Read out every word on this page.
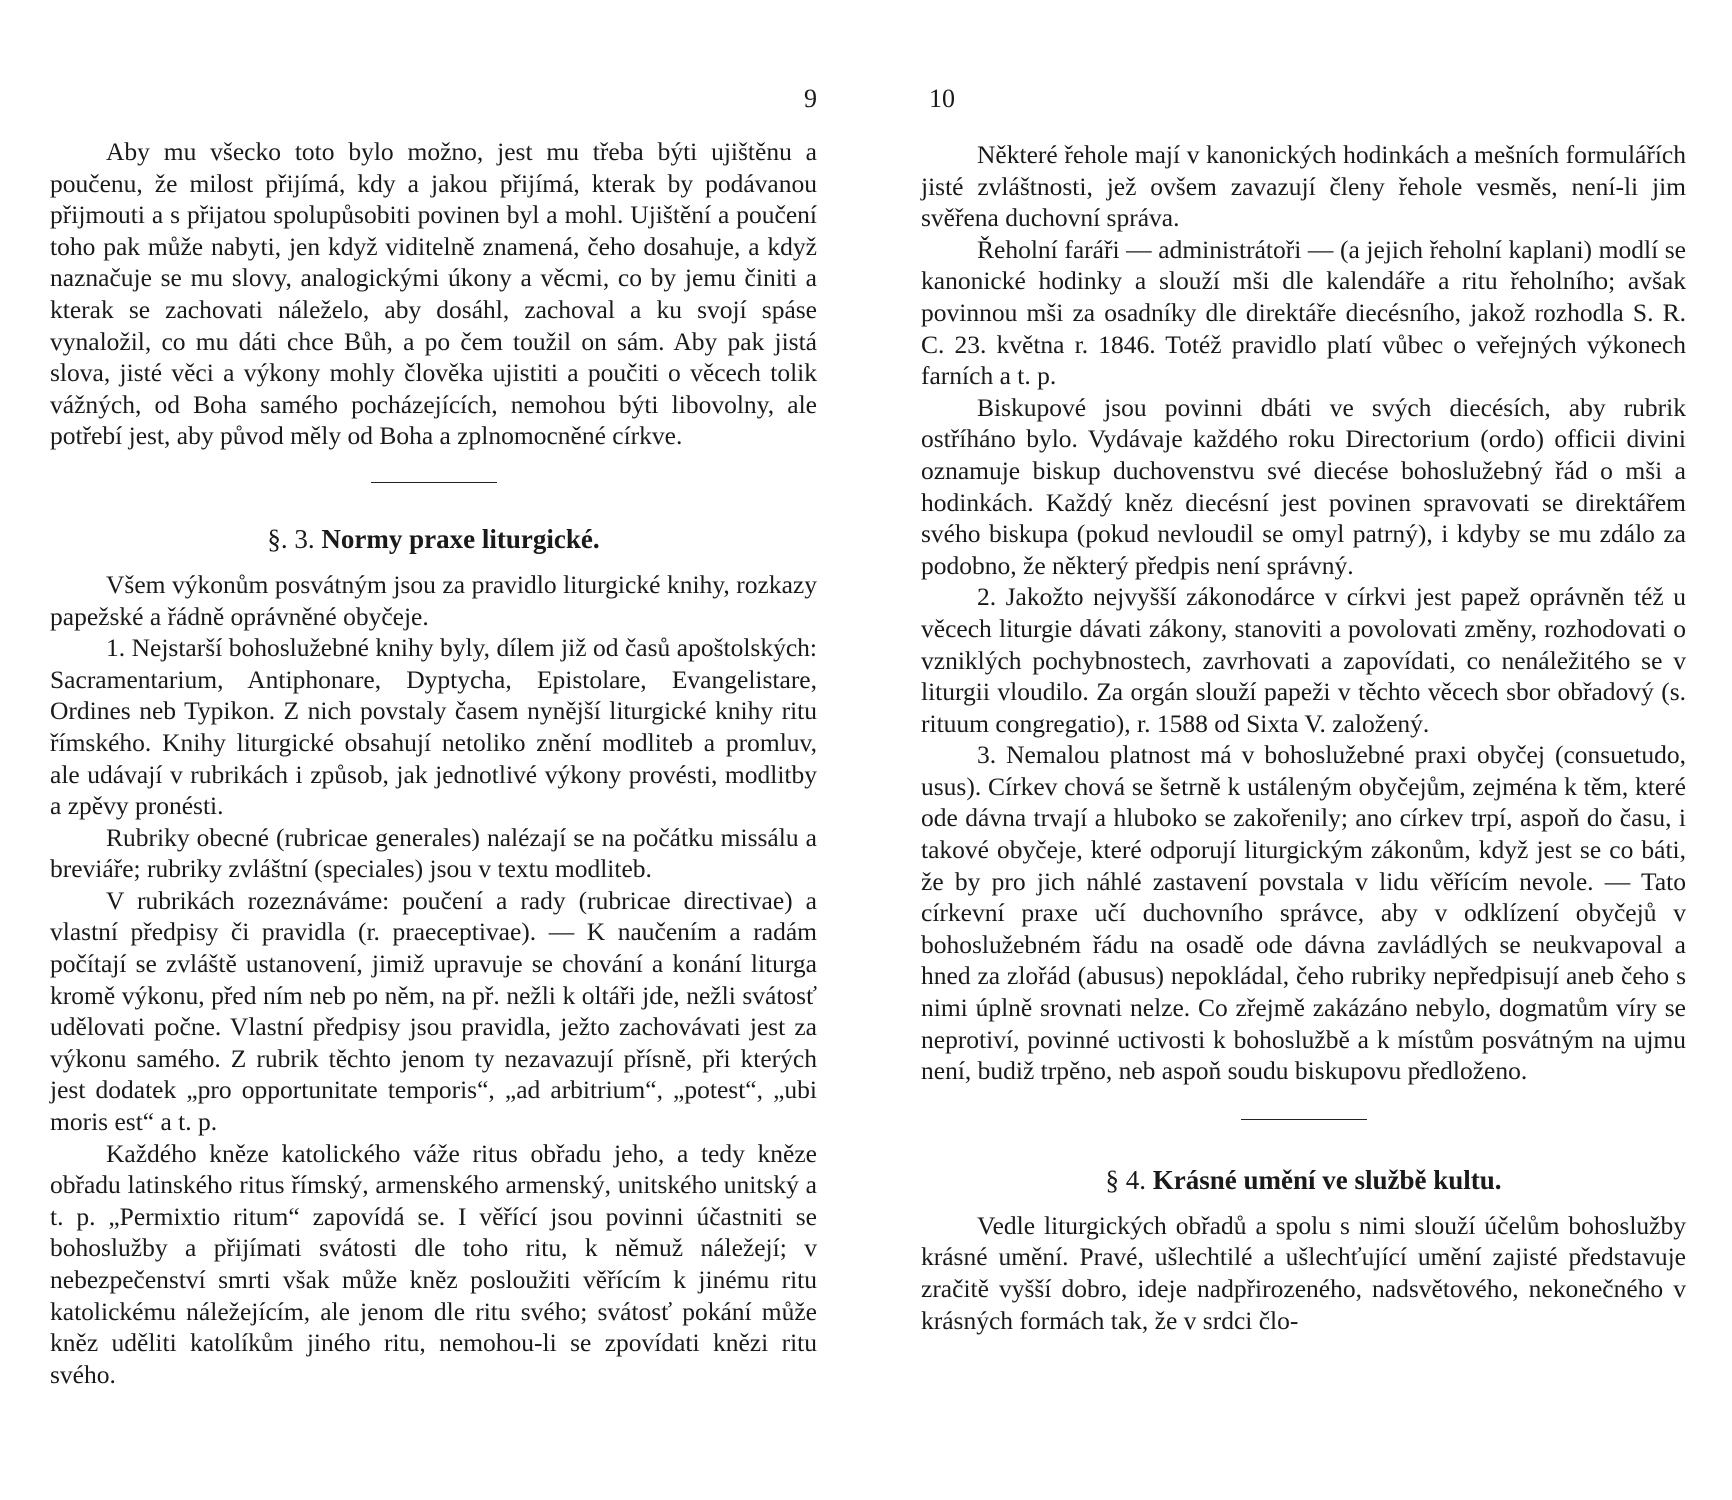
9

Aby mu všecko toto bylo možno, jest mu třeba býti ujištěnu a poučenu, že milost přijímá, kdy a jakou přijímá, kterak by podávanou přijmouti a s přijatou spolupůsobiti povinen byl a mohl. Ujištění a poučení toho pak může nabyti, jen když viditelně znamená, čeho dosahuje, a když naznačuje se mu slovy, analogickými úkony a věcmi, co by jemu činiti a kterak se zachovati náleželo, aby dosáhl, zachoval a ku svojí spáse vynaložil, co mu dáti chce Bůh, a po čem toužil on sám. Aby pak jistá slova, jisté věci a výkony mohly člověka ujistiti a poučiti o věcech tolik vážných, od Boha samého pocházejících, nemohou býti libovolny, ale potřebí jest, aby původ měly od Boha a zplnomocněné církve.

§. 3. Normy praxe liturgické.

Všem výkonům posvátným jsou za pravidlo liturgické knihy, rozkazy papežské a řádně oprávněné obyčeje.

1. Nejstarší bohoslužebné knihy byly, dílem již od časů apoštolských: Sacramentarium, Antiphonare, Dyptycha, Epistolare, Evangelistare, Ordines neb Typikon. Z nich povstaly časem nynější liturgické knihy ritu římského. Knihy liturgické obsahují netoliko znění modliteb a promluv, ale udávají v rubrikách i způsob, jak jednotlivé výkony provésti, modlitby a zpěvy pronésti.

Rubriky obecné (rubricae generales) nalézají se na počátku missálu a breviáře; rubriky zvláštní (speciales) jsou v textu modliteb.

V rubrikách rozeznáváme: poučení a rady (rubricae directivae) a vlastní předpisy či pravidla (r. praeceptivae). — K naučením a radám počítají se zvláště ustanovení, jimiž upravuje se chování a konání liturga kromě výkonu, před ním neb po něm, na př. nežli k oltáři jde, nežli svátosť udělovati počne. Vlastní předpisy jsou pravidla, ježto zachovávati jest za výkonu samého. Z rubrik těchto jenom ty nezavazují přísně, při kterých jest dodatek „pro opportunitate temporis“, „ad arbitrium“, „potest“, „ubi moris est“ a t. p.

Každého kněze katolického váže ritus obřadu jeho, a tedy kněze obřadu latinského ritus římský, armenského armenský, unitského unitský a t. p. „Permixtio ritum“ zapovídá se. I věřící jsou povinni účastniti se bohoslužby a přijímati svátosti dle toho ritu, k němuž náležejí; v nebezpečenství smrti však může kněz posloužiti věřícím k jinému ritu katolickému náležejícím, ale jenom dle ritu svého; svátosť pokání může kněz uděliti katolíkům jiného ritu, nemohou-li se zpovídati knězi ritu svého.

10

Některé řehole mají v kanonických hodinkách a mešních formulářích jisté zvláštnosti, jež ovšem zavazují členy řehole vesměs, není-li jim svěřena duchovní správa.

Řeholní faráři — administrátoři — (a jejich řeholní kaplani) modlí se kanonické hodinky a slouží mši dle kalendáře a ritu řeholního; avšak povinnou mši za osadníky dle direktáře diecésního, jakož rozhodla S. R. C. 23. května r. 1846. Totéž pravidlo platí vůbec o veřejných výkonech farních a t. p.

Biskupové jsou povinni dbáti ve svých diecésích, aby rubrik ostříháno bylo. Vydávaje každého roku Directorium (ordo) officii divini oznamuje biskup duchovenstvu své diecése bohoslužebný řád o mši a hodinkách. Každý kněz diecésní jest povinen spravovati se direktářem svého biskupa (pokud nevloudil se omyl patrný), i kdyby se mu zdálo za podobno, že některý předpis není správný.

2. Jakožto nejvyšší zákonodárce v církvi jest papež oprávněn též u věcech liturgie dávati zákony, stanoviti a povolovati změny, rozhodovati o vzniklých pochybnostech, zavrhovati a zapovídati, co nenáležitého se v liturgii vloudilo. Za orgán slouží papeži v těchto věcech sbor obřadový (s. rituum congregatio), r. 1588 od Sixta V. založený.

3. Nemalou platnost má v bohoslužebné praxi obyčej (consuetudo, usus). Církev chová se šetrně k ustáleným obyčejům, zejména k těm, které ode dávna trvají a hluboko se zakořenily; ano církev trpí, aspoň do času, i takové obyčeje, které odporují liturgickým zákonům, když jest se co báti, že by pro jich náhlé zastavení povstala v lidu věřícím nevole. — Tato církevní praxe učí duchovního správce, aby v odklízení obyčejů v bohoslužebném řádu na osadě ode dávna zavládlých se neukvapoval a hned za zlořád (abusus) nepokládal, čeho rubriky nepředpisují aneb čeho s nimi úplně srovnati nelze. Co zřejmě zakázáno nebylo, dogmatům víry se neprotiví, povinné uctivosti k bohoslužbě a k místům posvátným na ujmu není, budiž trpěno, neb aspoň soudu biskupovu předloženo.

§ 4. Krásné umění ve službě kultu.

Vedle liturgických obřadů a spolu s nimi slouží účelům bohoslužby krásné umění. Pravé, ušlechtilé a ušlechťující umění zajisté představuje zračitě vyšší dobro, ideje nadpřirozeného, nadsvětového, nekonečného v krásných formách tak, že v srdci člo-
